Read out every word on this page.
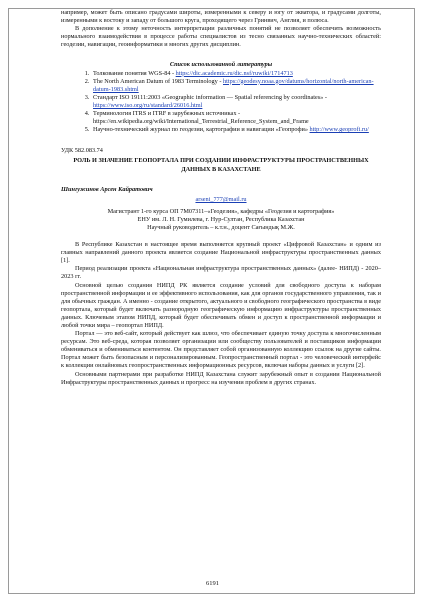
например, может быть описано градусами широты, измеренными к северу и югу от экватора, и градусами долготы, измеренными к востоку и западу от большого круга, проходящего через Гринвич, Англия, и полюса.

В дополнение к этому неточность интерпретации различных понятий не позволяет обеспечить возможность нормального взаимодействия в процессе работы специалистов из тесно связанных научно-технических областей: геодезии, навигации, геоинформатики и многих других дисциплин.

Список использованной литературы

1. Толкование понятия WGS-84 - https://dic.academic.ru/dic.nsf/ruwiki/1714713
2. The North American Datum of 1983 Terminology - https://geodesy.noaa.gov/datums/horizontal/north-american-datum-1983.shtml
3. Стандарт ISO 19111:2003 «Geographic information — Spatial referencing by coordinates» - https://www.iso.org/ru/standard/26016.html
4. Терминология ITRS и ITRF в зарубежных источниках - https://en.wikipedia.org/wiki/International_Terrestrial_Reference_System_and_Frame
5. Научно-технический журнал по геодезии, картографии и навигации «Геопрофи» http://www.geoprofi.ru/

УДК 582.083.74

РОЛЬ И ЗНАЧЕНИЕ ГЕОПОРТАЛА ПРИ СОЗДАНИИ ИНФРАСТРУКТУРЫ ПРОСТРАНСТВЕННЫХ ДАННЫХ В КАЗАХСТАНЕ

Шингужинов Арсен Кайратович

arseni_777@mail.ru

Магистрант 1-го курса ОП 7М07311–«Геодезия», кафедры «Геодезия и картография»

ЕНУ им. Л. Н. Гумилева, г. Нур-Султан, Республика Казахстан

Научный руководитель – к.т.н., доцент Сағындық М.Ж.

В Республике Казахстан в настоящее время выполняется крупный проект «Цифровой Казахстан» и одним из главных направлений данного проекта является создание Национальной инфраструктуры пространственных данных [1].

Период реализации проекта «Национальная инфраструктура пространственных данных» (далее- НИПД) - 2020–2023 гг.

Основной целью создания НИПД РК является создание условий для свободного доступа к наборам пространственной информации и ее эффективного использования, как для органов государственного управления, так и для обычных граждан. А именно - создание открытого, актуального и свободного географического пространства в виде геопортала, который будет включать разнородную географическую информацию инфраструктуры пространственных данных. Ключевым этапом НИПД, который будет обеспечивать обмен и доступ к пространственной информации и любой точки мира – геопортал НИПД.

Портал — это веб-сайт, который действует как шлюз, что обеспечивает единую точку доступа к многочисленным ресурсам. Это веб-среда, которая позволяет организации или сообществу пользователей и поставщиков информации обмениваться и обмениваться контентом. Он представляет собой организованную коллекцию ссылок на другие сайты. Портал может быть безопасным и персонализированным. Геопространственный портал - это человеческий интерфейс к коллекции онлайновых геопространственных информационных ресурсов, включая наборы данных и услуги [2].

Основными партнерами при разработке НИПД Казахстана служит зарубежный опыт в создании Национальной Инфраструктуры пространственных данных и прогресс на изучении проблем в других странах.

6191
